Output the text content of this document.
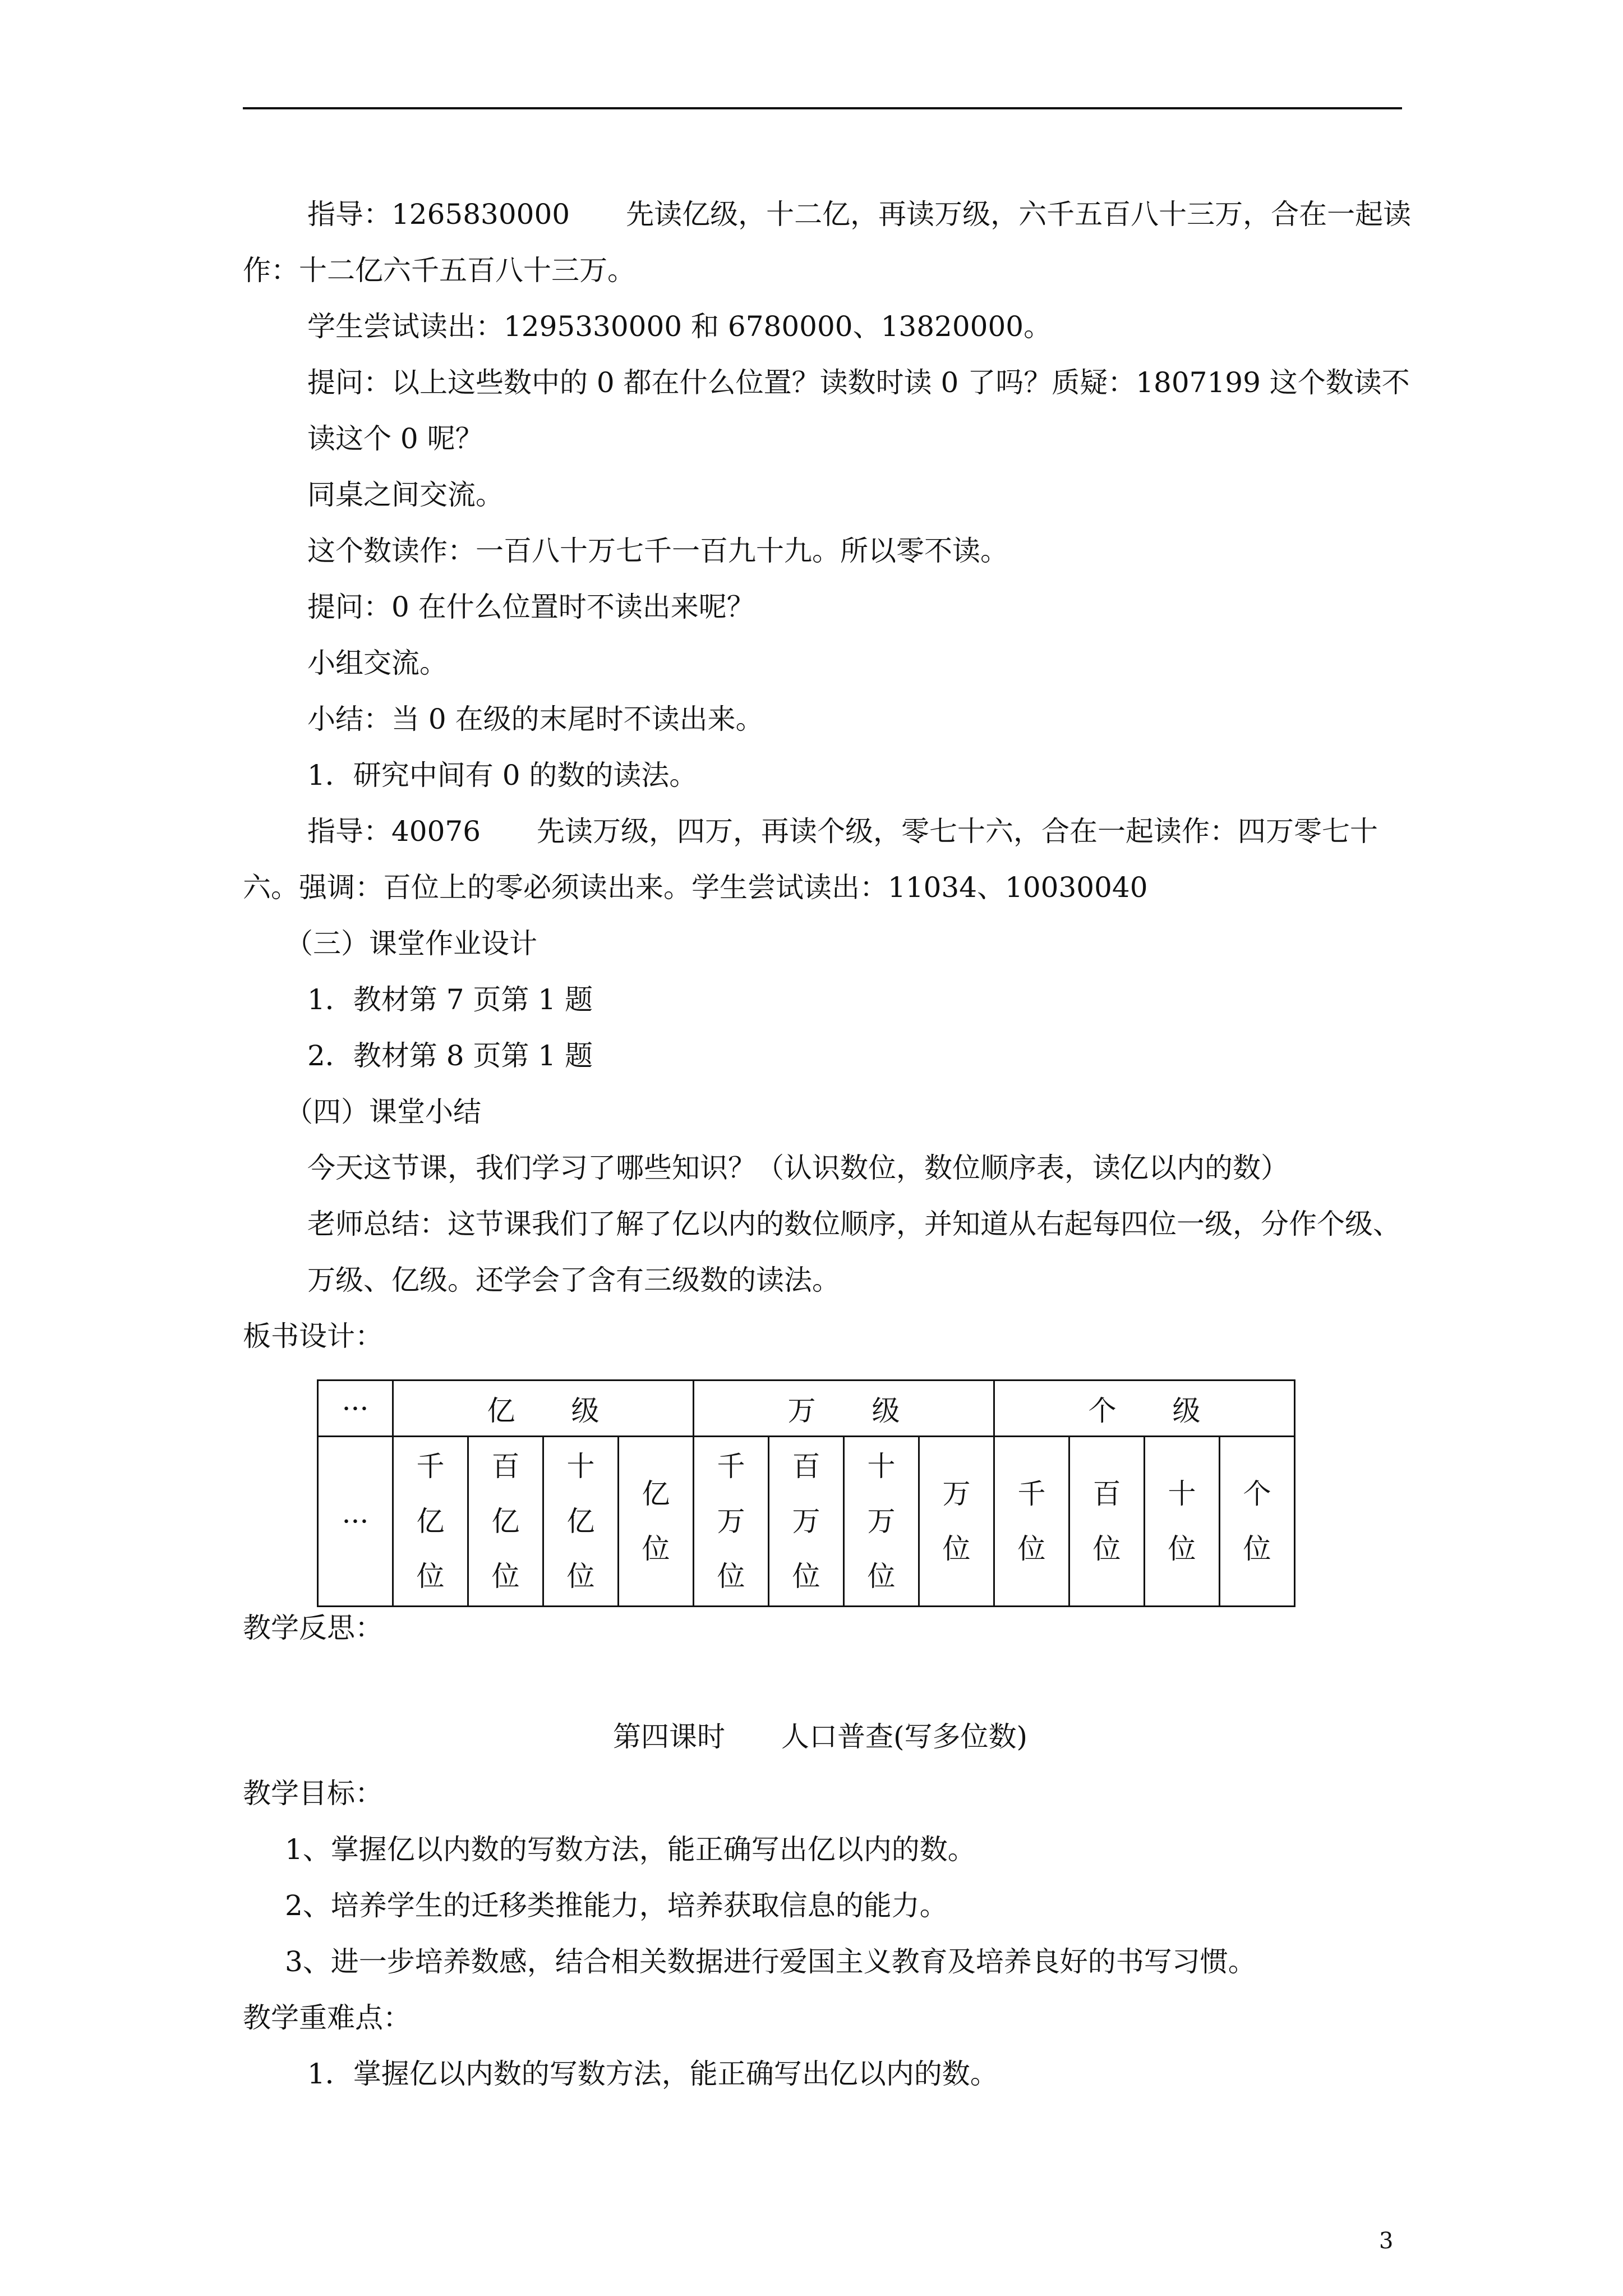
指导：1265830000　　先读亿级，十二亿，再读万级，六千五百八十三万，合在一起读
作：十二亿六千五百八十三万。
学生尝试读出：1295330000 和 6780000、13820000。
提问：以上这些数中的 0 都在什么位置？读数时读 0 了吗？质疑：1807199 这个数读不
读这个 0 呢？
同桌之间交流。
这个数读作：一百八十万七千一百九十九。所以零不读。
提问：0 在什么位置时不读出来呢？
小组交流。
小结：当 0 在级的末尾时不读出来。
1．研究中间有 0 的数的读法。
指导：40076　　先读万级，四万，再读个级，零七十六，合在一起读作：四万零七十
六。强调：百位上的零必须读出来。学生尝试读出：11034、10030040
（三）课堂作业设计
1．教材第 7 页第 1 题
2．教材第 8 页第 1 题
（四）课堂小结
今天这节课，我们学习了哪些知识？（认识数位，数位顺序表，读亿以内的数）
老师总结：这节课我们了解了亿以内的数位顺序，并知道从右起每四位一级，分作个级、
万级、亿级。还学会了含有三级数的读法。
板书设计：
···	亿　　级				万　　级				个　　级			
···	千亿位	百亿位	十亿位	亿位	千万位	百万位	十万位	万位	千位	百位	十位	个位
教学反思：
第四课时　　人口普查(写多位数)
教学目标：
1、掌握亿以内数的写数方法，能正确写出亿以内的数。
2、培养学生的迁移类推能力，培养获取信息的能力。
3、进一步培养数感，结合相关数据进行爱国主义教育及培养良好的书写习惯。
教学重难点：
1．掌握亿以内数的写数方法，能正确写出亿以内的数。
3
